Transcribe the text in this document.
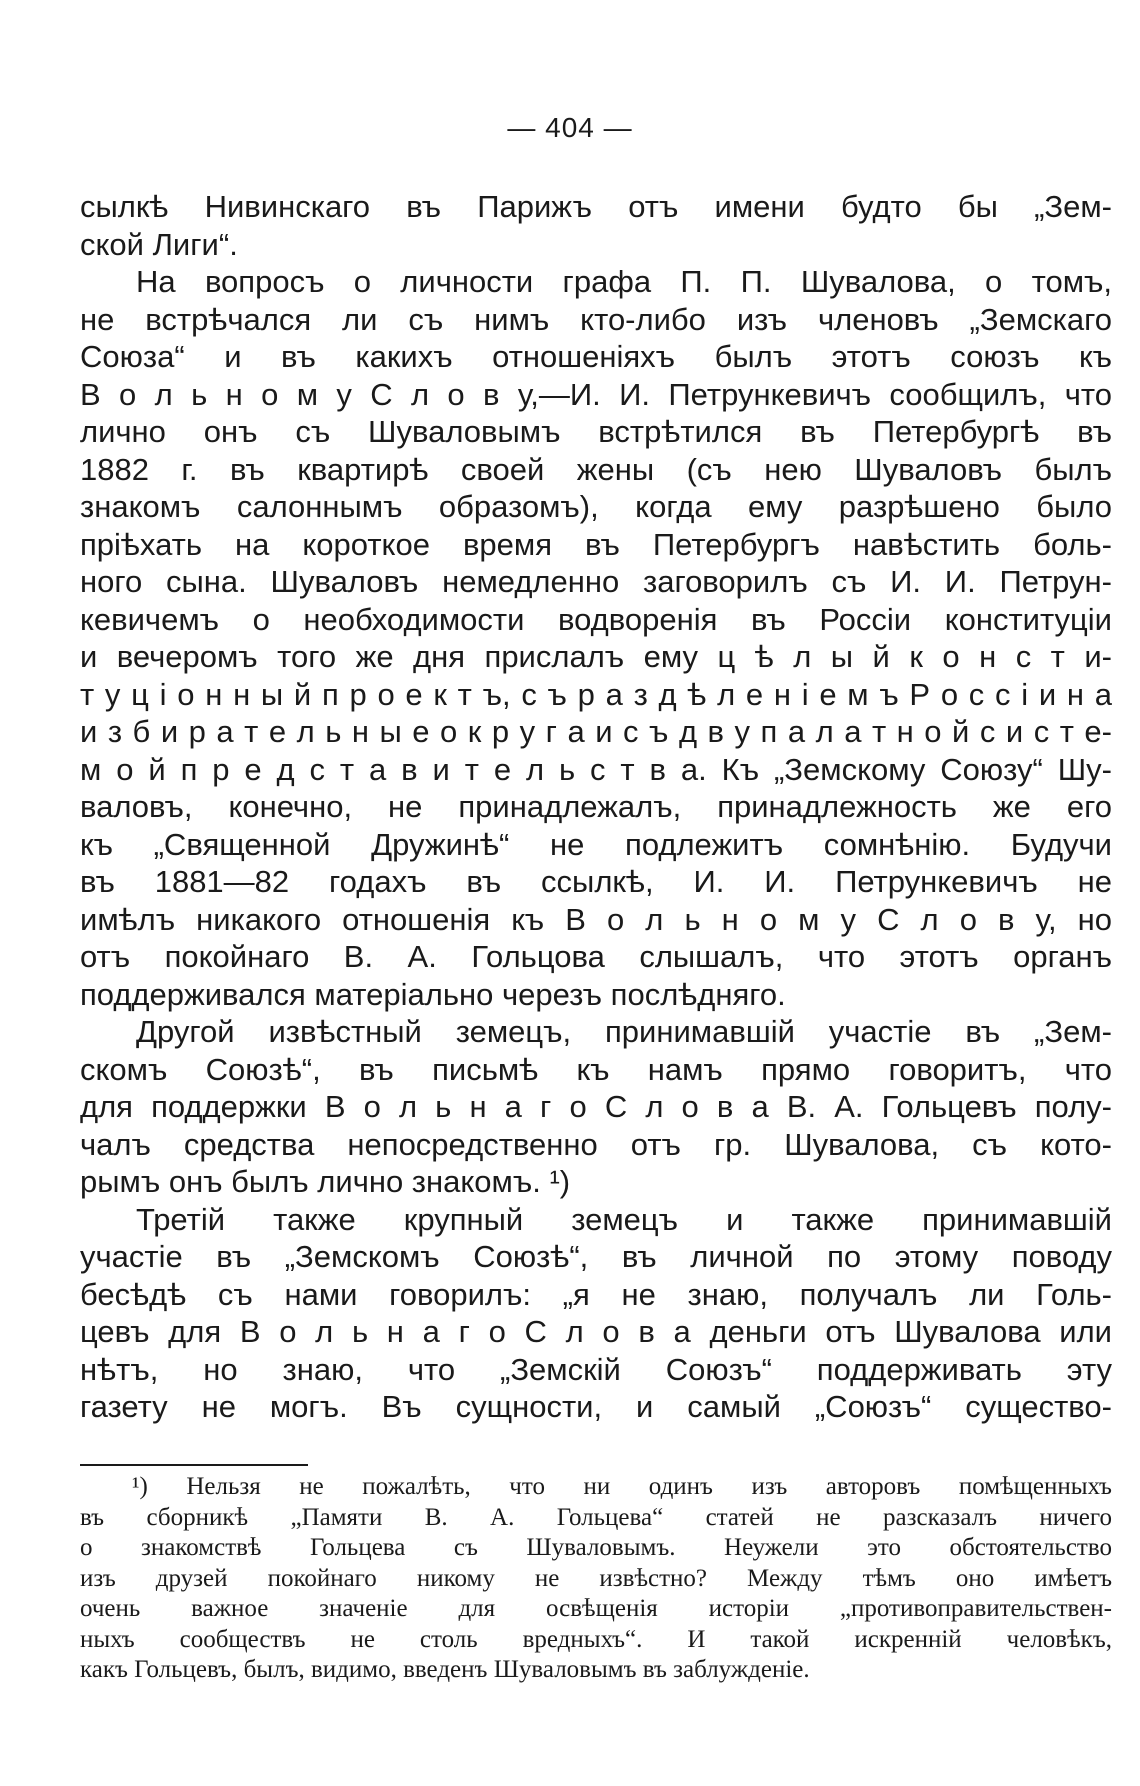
— 404 —

сылкѣ Нивинскаго въ Парижъ отъ имени будто бы „Зем-
ской Лиги“.
На вопросъ о личности графа П. П. Шувалова, о томъ,
не встрѣчался ли съ нимъ кто-либо изъ членовъ „Земскаго
Союза“ и въ какихъ отношеніяхъ былъ этотъ союзъ къ
В о л ь н о м у С л о в у,—И. И. Петрункевичъ сообщилъ, что
лично онъ съ Шуваловымъ встрѣтился въ Петербургѣ въ
1882 г. въ квартирѣ своей жены (съ нею Шуваловъ былъ
знакомъ салоннымъ образомъ), когда ему разрѣшено было
пріѣхать на короткое время въ Петербургъ навѣстить боль-
ного сына. Шуваловъ немедленно заговорилъ съ И. И. Петрун-
кевичемъ о необходимости водворенія въ Россіи конституціи
и вечеромъ того же дня прислалъ ему ц ѣ л ы й к о н с т и-
т у ц і о н н ы й п р о е к т ъ, с ъ р а з д ѣ л е н і е м ъ Р о с с і и н а
и з б и р а т е л ь н ы е о к р у г а и с ъ д в у п а л а т н о й с и с т е-
м о й п р е д с т а в и т е л ь с т в а. Къ „Земскому Союзу“ Шу-
валовъ, конечно, не принадлежалъ, принадлежность же его
къ „Священной Дружинѣ“ не подлежитъ сомнѣнію. Будучи
въ 1881—82 годахъ въ ссылкѣ, И. И. Петрункевичъ не
имѣлъ никакого отношенія къ В о л ь н о м у С л о в у, но
отъ покойнаго В. А. Гольцова слышалъ, что этотъ органъ
поддерживался матеріально черезъ послѣдняго.
Другой извѣстный земецъ, принимавшій участіе въ „Зем-
скомъ Союзѣ“, въ письмѣ къ намъ прямо говоритъ, что
для поддержки В о л ь н а г о С л о в а В. А. Гольцевъ полу-
чалъ средства непосредственно отъ гр. Шувалова, съ кото-
рымъ онъ былъ лично знакомъ. ¹)
Третій также крупный земецъ и также принимавшій
участіе въ „Земскомъ Союзѣ“, въ личной по этому поводу
бесѣдѣ съ нами говорилъ: „я не знаю, получалъ ли Голь-
цевъ для В о л ь н а г о С л о в а деньги отъ Шувалова или
нѣтъ, но знаю, что „Земскій Союзъ“ поддерживать эту
газету не могъ. Въ сущности, и самый „Союзъ“ существо-
¹) Нельзя не пожалѣть, что ни одинъ изъ авторовъ помѣщенныхъ
въ сборникѣ „Памяти В. А. Гольцева“ статей не разсказалъ ничего
о знакомствѣ Гольцева съ Шуваловымъ. Неужели это обстоятельство
изъ друзей покойнаго никому не извѣстно? Между тѣмъ оно имѣетъ
очень важное значеніе для освѣщенія исторіи „противоправительствен-
ныхъ сообществъ не столь вредныхъ“. И такой искренній человѣкъ,
какъ Гольцевъ, былъ, видимо, введенъ Шуваловымъ въ заблужденіе.
